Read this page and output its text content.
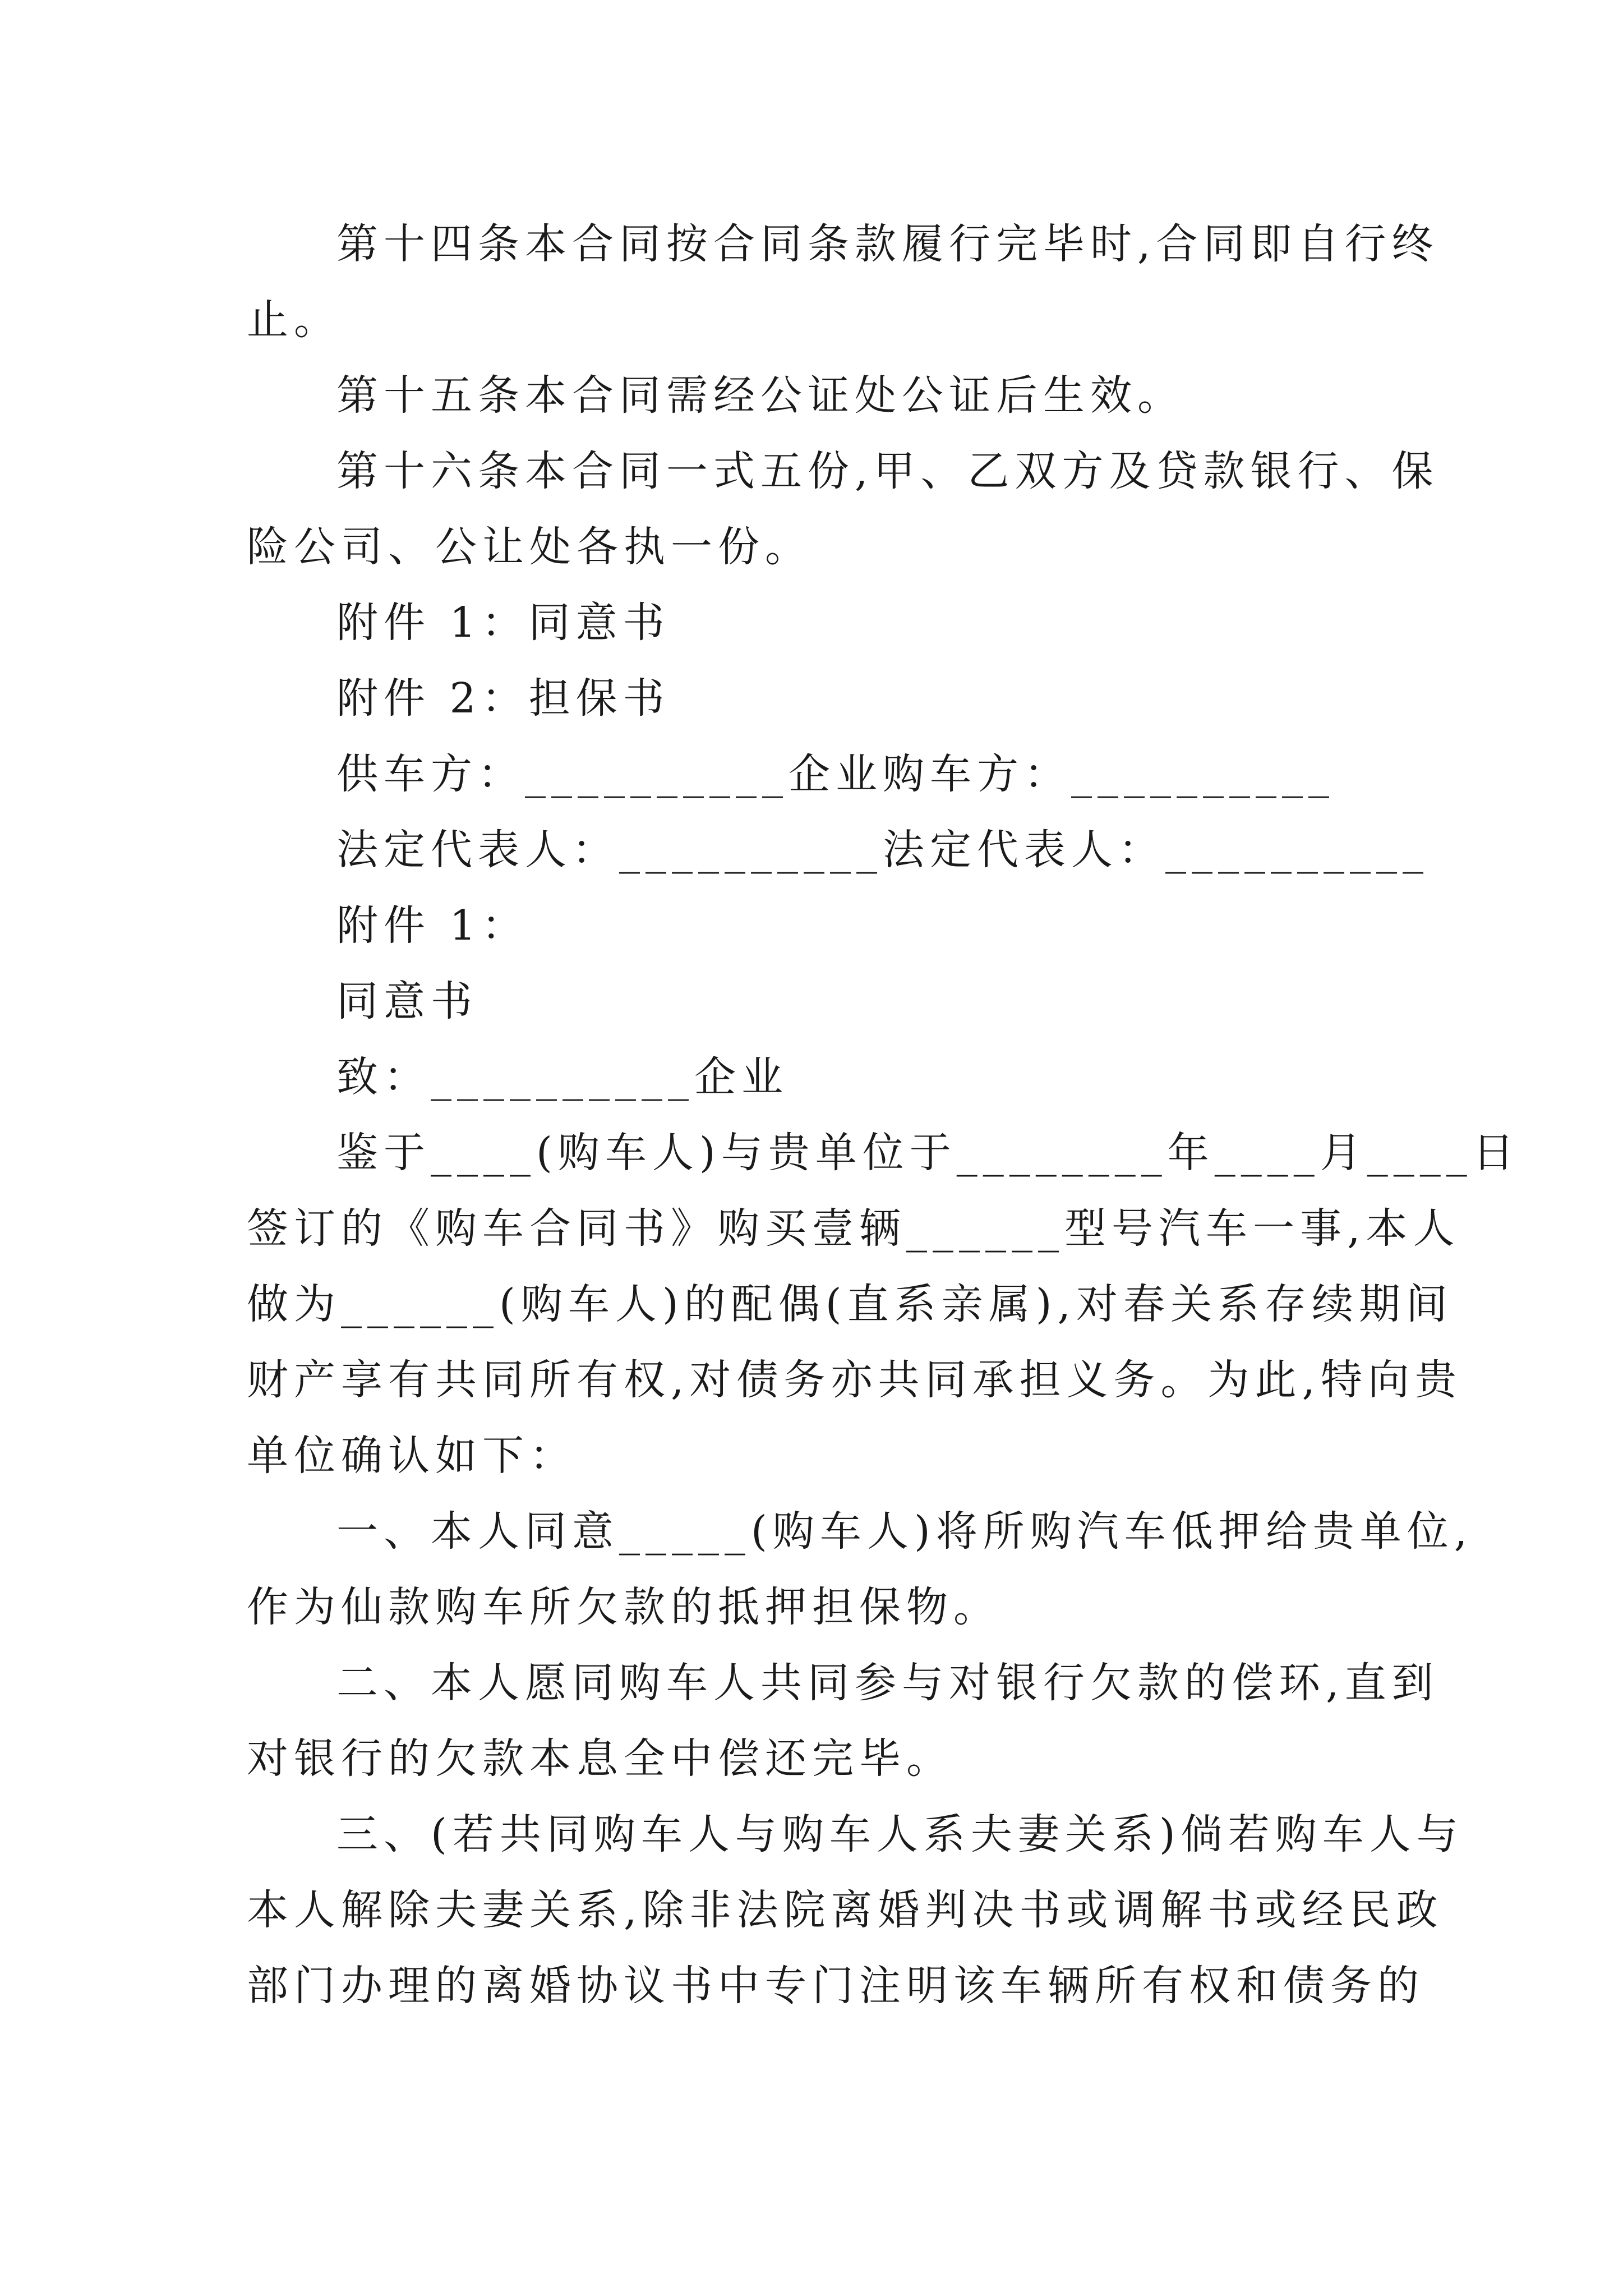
第十四条本合同按合同条款履行完毕时,合同即自行终
止。
第十五条本合同需经公证处公证后生效。
第十六条本合同一式五份,甲、乙双方及贷款银行、保
险公司、公让处各执一份。
附件 1：同意书
附件 2：担保书
供车方：__________企业购车方：__________
法定代表人：__________法定代表人：__________
附件 1：
同意书
致：__________企业
鉴于____(购车人)与贵单位于________年____月____日
签订的《购车合同书》购买壹辆______型号汽车一事,本人
做为______(购车人)的配偶(直系亲属),对春关系存续期间
财产享有共同所有权,对债务亦共同承担义务。为此,特向贵
单位确认如下：
一、本人同意_____(购车人)将所购汽车低押给贵单位,
作为仙款购车所欠款的抵押担保物。
二、本人愿同购车人共同参与对银行欠款的偿环,直到
对银行的欠款本息全中偿还完毕。
三、(若共同购车人与购车人系夫妻关系)倘若购车人与
本人解除夫妻关系,除非法院离婚判决书或调解书或经民政
部门办理的离婚协议书中专门注明该车辆所有权和债务的
